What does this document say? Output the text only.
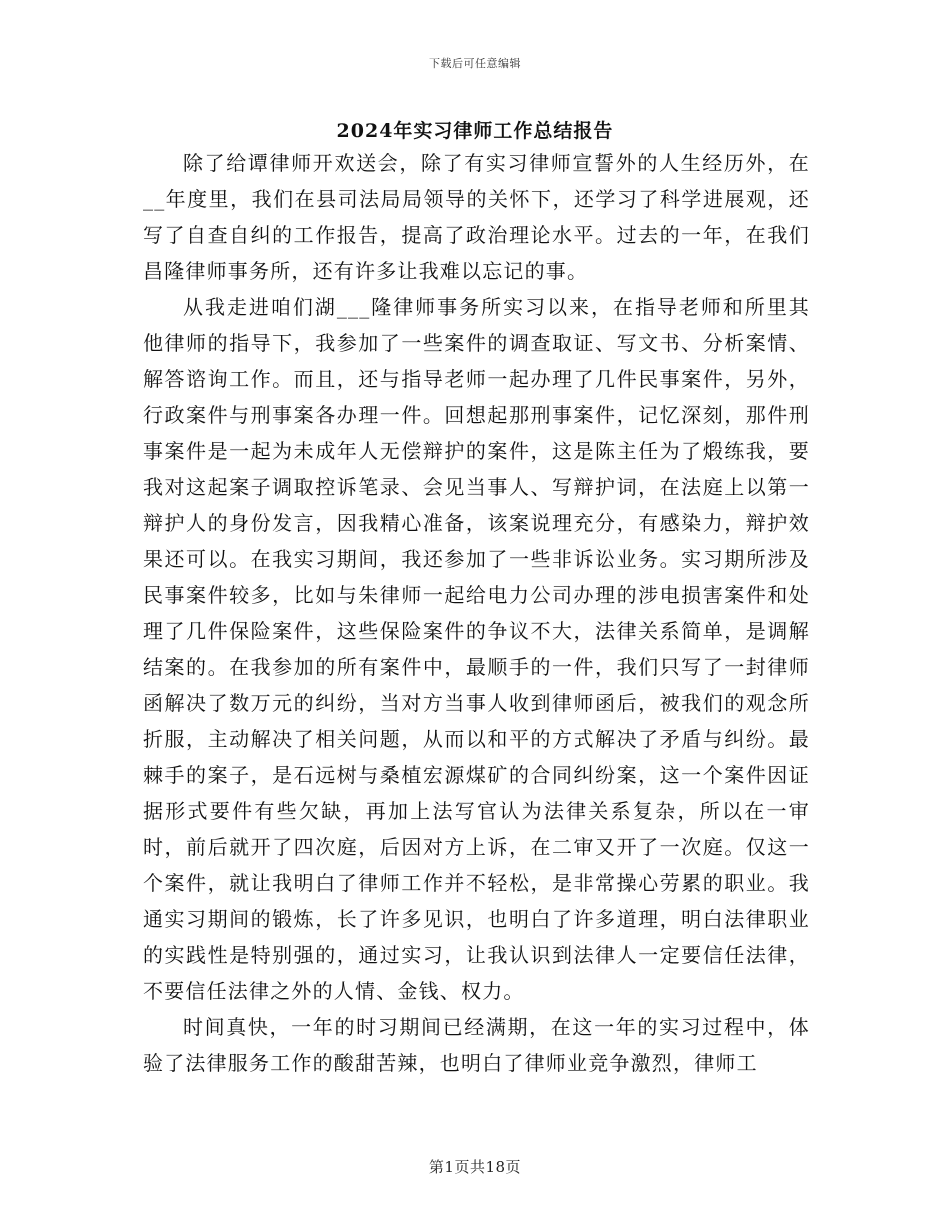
下载后可任意编辑
2024年实习律师工作总结报告

除了给谭律师开欢送会，除了有实习律师宣誓外的人生经历外，在__年度里，我们在县司法局局领导的关怀下，还学习了科学进展观，还写了自查自纠的工作报告，提高了政治理论水平。过去的一年，在我们昌隆律师事务所，还有许多让我难以忘记的事。

从我走进咱们湖___隆律师事务所实习以来，在指导老师和所里其他律师的指导下，我参加了一些案件的调查取证、写文书、分析案情、解答谘询工作。而且，还与指导老师一起办理了几件民事案件，另外，行政案件与刑事案各办理一件。回想起那刑事案件，记忆深刻，那件刑事案件是一起为未成年人无偿辩护的案件，这是陈主任为了煅练我，要我对这起案子调取控诉笔录、会见当事人、写辩护词，在法庭上以第一辩护人的身份发言，因我精心准备，该案说理充分，有感染力，辩护效果还可以。在我实习期间，我还参加了一些非诉讼业务。实习期所涉及民事案件较多，比如与朱律师一起给电力公司办理的涉电损害案件和处理了几件保险案件，这些保险案件的争议不大，法律关系简单，是调解结案的。在我参加的所有案件中，最顺手的一件，我们只写了一封律师函解决了数万元的纠纷，当对方当事人收到律师函后，被我们的观念所折服，主动解决了相关问题，从而以和平的方式解决了矛盾与纠纷。最棘手的案子，是石远树与桑植宏源煤矿的合同纠纷案，这一个案件因证据形式要件有些欠缺，再加上法写官认为法律关系复杂，所以在一审时，前后就开了四次庭，后因对方上诉，在二审又开了一次庭。仅这一个案件，就让我明白了律师工作并不轻松，是非常操心劳累的职业。我通实习期间的锻炼，长了许多见识，也明白了许多道理，明白法律职业的实践性是特别强的，通过实习，让我认识到法律人一定要信任法律，不要信任法律之外的人情、金钱、权力。

时间真快，一年的时习期间已经满期，在这一年的实习过程中，体验了法律服务工作的酸甜苦辣，也明白了律师业竞争激烈，律师工

第1页共18页
